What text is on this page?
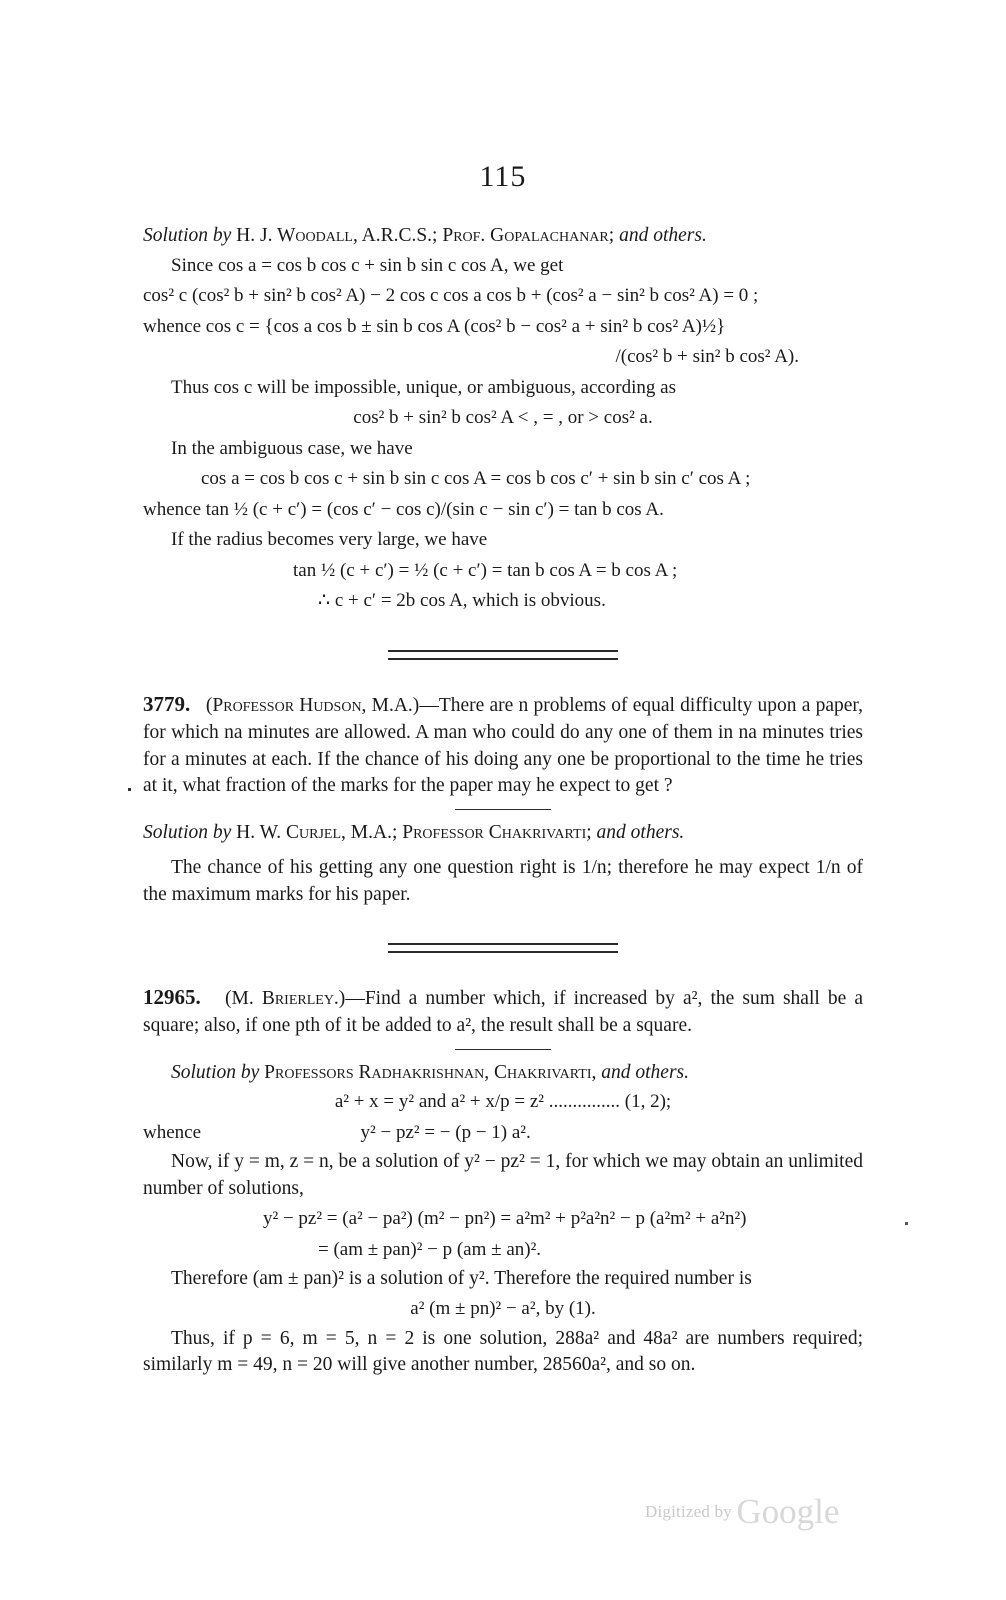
115

Solution by H. J. Woodall, A.R.C.S.; Prof. Gopalachanar; and others.

Since cos a = cos b cos c + sin b sin c cos A, we get

cos² c (cos² b + sin² b cos² A) − 2 cos c cos a cos b + (cos² a − sin² b cos² A) = 0 ;

whence cos c = {cos a cos b ± sin b cos A (cos² b − cos² a + sin² b cos² A)½}

/(cos² b + sin² b cos² A).

Thus cos c will be impossible, unique, or ambiguous, according as

cos² b + sin² b cos² A < , = , or > cos² a.

In the ambiguous case, we have

cos a = cos b cos c + sin b sin c cos A = cos b cos c′ + sin b sin c′ cos A ;

whence tan ½ (c + c′) = (cos c′ − cos c)/(sin c − sin c′) = tan b cos A.

If the radius becomes very large, we have

tan ½ (c + c′) = ½ (c + c′) = tan b cos A = b cos A ;

∴ c + c′ = 2b cos A, which is obvious.

3779. (Professor Hudson, M.A.)—There are n problems of equal difficulty upon a paper, for which na minutes are allowed. A man who could do any one of them in na minutes tries for a minutes at each. If the chance of his doing any one be proportional to the time he tries at it, what fraction of the marks for the paper may he expect to get ?

Solution by H. W. Curjel, M.A.; Professor Chakrivarti; and others.

The chance of his getting any one question right is 1/n; therefore he may expect 1/n of the maximum marks for his paper.

12965. (M. Brierley.)—Find a number which, if increased by a², the sum shall be a square; also, if one pth of it be added to a², the result shall be a square.

Solution by Professors Radhakrishnan, Chakrivarti, and others.

a² + x = y² and a² + x/p = z² ............... (1, 2);

whence	y² − pz² = − (p − 1) a².

Now, if y = m, z = n, be a solution of y² − pz² = 1, for which we may obtain an unlimited number of solutions,

y² − pz² = (a² − pa²) (m² − pn²) = a²m² + p²a²n² − p (a²m² + a²n²)

= (am ± pan)² − p (am ± an)².

Therefore (am ± pan)² is a solution of y². Therefore the required number is

a² (m ± pn)² − a², by (1).

Thus, if p = 6, m = 5, n = 2 is one solution, 288a² and 48a² are numbers required; similarly m = 49, n = 20 will give another number, 28560a², and so on.

Digitized by Google
